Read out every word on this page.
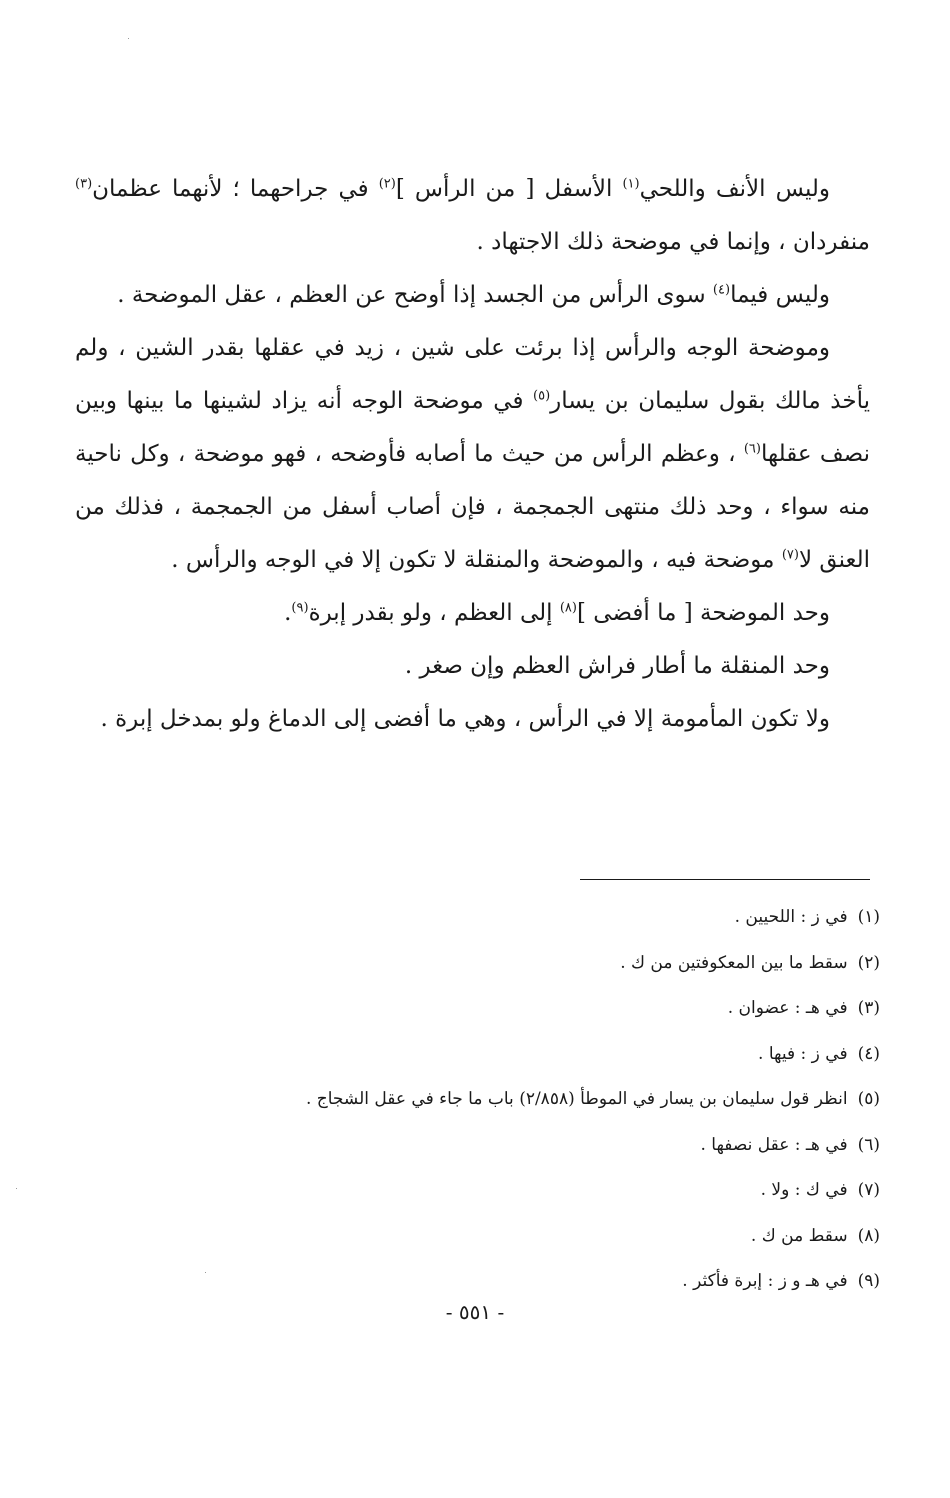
وليس الأنف واللحي$^{(١)}$ الأسفل [ من الرأس ]$^{(٢)}$ في جراحهما ؛ لأنهما عظمان$^{(٣)}$ منفردان ، وإنما في موضحة ذلك الاجتهاد .

وليس فيما$^{(٤)}$ سوى الرأس من الجسد إذا أوضح عن العظم ، عقل الموضحة .

وموضحة الوجه والرأس إذا برئت على شين ، زيد في عقلها بقدر الشين ، ولم يأخذ مالك بقول سليمان بن يسار$^{(٥)}$ في موضحة الوجه أنه يزاد لشينها ما بينها وبين نصف عقلها$^{(٦)}$ ، وعظم الرأس من حيث ما أصابه فأوضحه ، فهو موضحة ، وكل ناحية منه سواء ، وحد ذلك منتهى الجمجمة ، فإن أصاب أسفل من الجمجمة ، فذلك من العنق لا$^{(٧)}$ موضحة فيه ، والموضحة والمنقلة لا تكون إلا في الوجه والرأس .

وحد الموضحة [ ما أفضى ]$^{(٨)}$ إلى العظم ، ولو بقدر إبرة$^{(٩)}$.

وحد المنقلة ما أطار فراش العظم وإن صغر .

ولا تكون المأمومة إلا في الرأس ، وهي ما أفضى إلى الدماغ ولو بمدخل إبرة .

(١)في ز : اللحيين .
(٢)سقط ما بين المعكوفتين من ك .
(٣)في هـ : عضوان .
(٤)في ز : فيها .
(٥)انظر قول سليمان بن يسار في الموطأ (٢/٨٥٨) باب ما جاء في عقل الشجاج .
(٦)في هـ : عقل نصفها .
(٧)في ك : ولا .
(٨)سقط من ك .
(٩)في هـ و ز : إبرة فأكثر .
- ٥٥١ -
